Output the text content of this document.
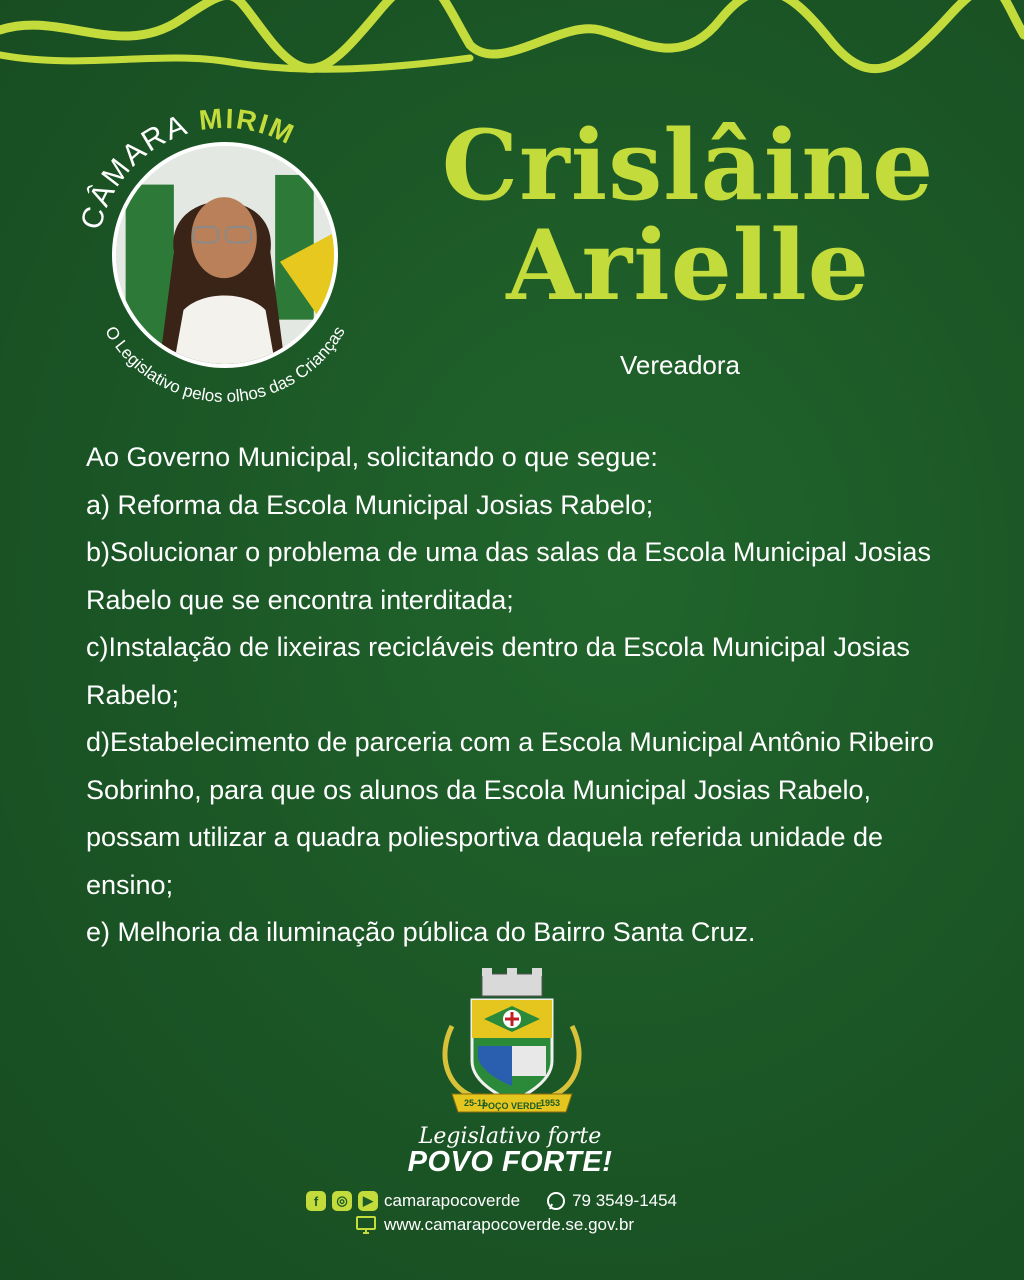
CÂMARA MIRIM
O Legislativo pelos olhos das Crianças
Crislâine
Arielle
Vereadora

Ao Governo Municipal, solicitando o que segue:

a) Reforma da Escola Municipal Josias Rabelo;

b)Solucionar o problema de uma das salas da Escola Municipal Josias Rabelo que se encontra interditada;

c)Instalação de lixeiras recicláveis dentro da Escola Municipal Josias Rabelo;

d)Estabelecimento de parceria com a Escola Municipal Antônio Ribeiro Sobrinho, para que os alunos da Escola Municipal Josias Rabelo, possam utilizar a quadra poliesportiva daquela referida unidade de ensino;

e) Melhoria da iluminação pública do Bairro Santa Cruz.

25-11
POÇO VERDE
1953
Legislativo forte
POVO FORTE!
f	◎	▶ camarapocoverde	79 3549-1454
www.camarapocoverde.se.gov.br
